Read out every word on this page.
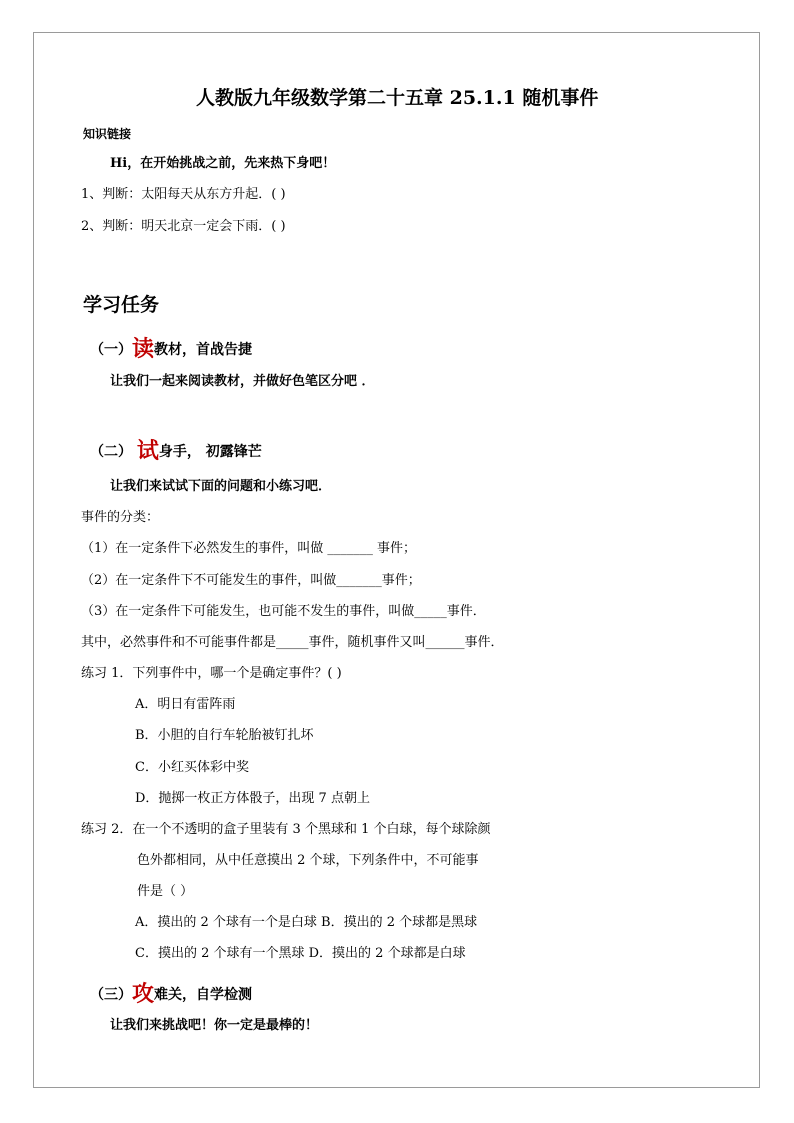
人教版九年级数学第二十五章 25.1.1 随机事件
知识链接
Hi，在开始挑战之前，先来热下身吧！
1、判断：太阳每天从东方升起．( )
2、判断：明天北京一定会下雨．( )
学习任务
（一）读教材，首战告捷
让我们一起来阅读教材，并做好色笔区分吧 ．
（二） 试身手， 初露锋芒
让我们来试试下面的问题和小练习吧．
事件的分类：
（1）在一定条件下必然发生的事件，叫做 _______ 事件；
（2）在一定条件下不可能发生的事件，叫做_______事件；
（3）在一定条件下可能发生，也可能不发生的事件，叫做_____事件．
其中，必然事件和不可能事件都是_____事件，随机事件又叫______事件．
练习 1．下列事件中，哪一个是确定事件？( )
A．明日有雷阵雨
B．小胆的自行车轮胎被钉扎坏
C．小红买体彩中奖
D．抛掷一枚正方体骰子，出现 7 点朝上
练习 2．在一个不透明的盒子里装有 3 个黑球和 1 个白球，每个球除颜
色外都相同，从中任意摸出 2 个球，下列条件中，不可能事
件是（ ）
A．摸出的 2 个球有一个是白球 B．摸出的 2 个球都是黑球
C．摸出的 2 个球有一个黑球 D．摸出的 2 个球都是白球
（三）攻难关，自学检测
让我们来挑战吧！你一定是最棒的！
